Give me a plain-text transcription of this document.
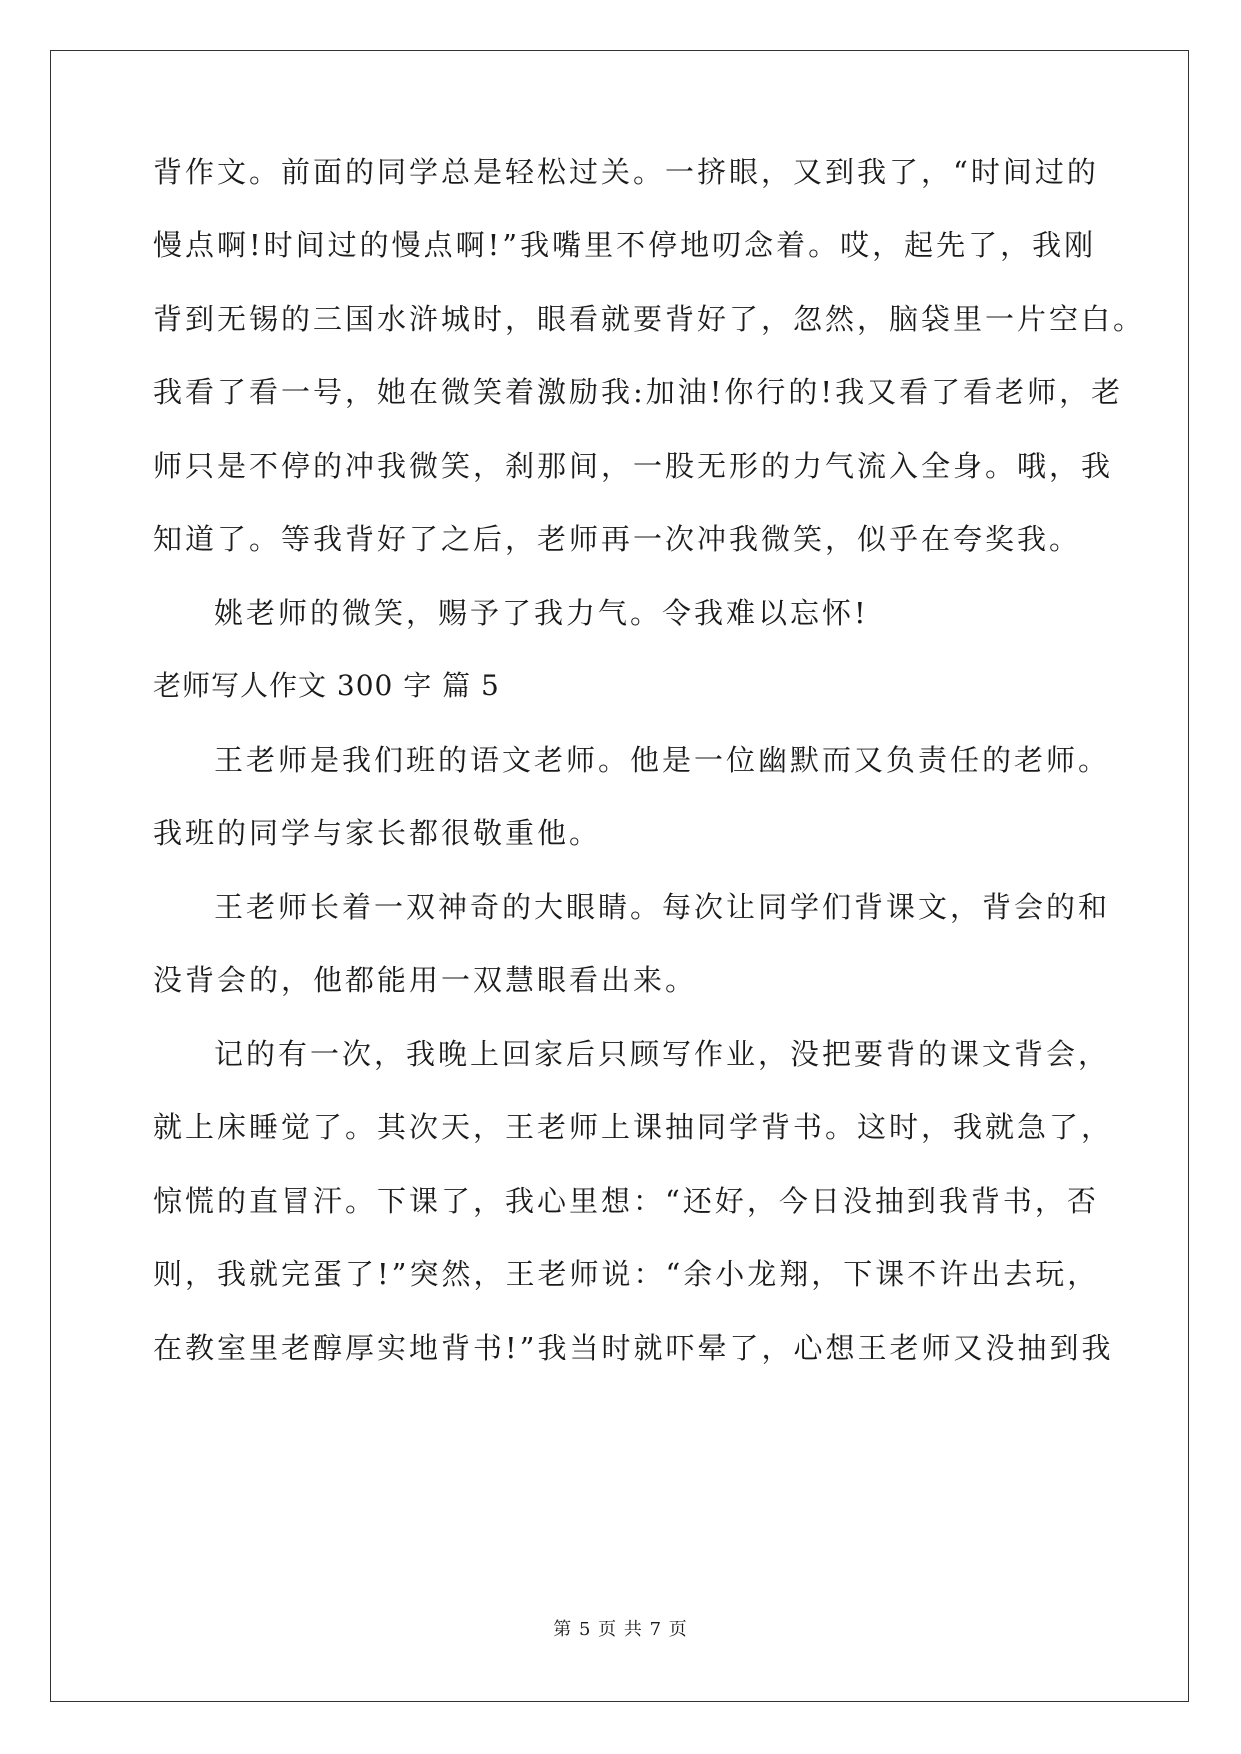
背作文。前面的同学总是轻松过关。一挤眼，又到我了，“时间过的
慢点啊!时间过的慢点啊!”我嘴里不停地叨念着。哎，起先了，我刚
背到无锡的三国水浒城时，眼看就要背好了，忽然，脑袋里一片空白。
我看了看一号，她在微笑着激励我:加油!你行的!我又看了看老师，老
师只是不停的冲我微笑，刹那间，一股无形的力气流入全身。哦，我
知道了。等我背好了之后，老师再一次冲我微笑，似乎在夸奖我。
姚老师的微笑，赐予了我力气。令我难以忘怀!
老师写人作文 300 字 篇 5
王老师是我们班的语文老师。他是一位幽默而又负责任的老师。
我班的同学与家长都很敬重他。
王老师长着一双神奇的大眼睛。每次让同学们背课文，背会的和
没背会的，他都能用一双慧眼看出来。
记的有一次，我晚上回家后只顾写作业，没把要背的课文背会，
就上床睡觉了。其次天，王老师上课抽同学背书。这时，我就急了，
惊慌的直冒汗。下课了，我心里想：“还好，今日没抽到我背书，否
则，我就完蛋了!”突然，王老师说：“余小龙翔，下课不许出去玩，
在教室里老醇厚实地背书!”我当时就吓晕了，心想王老师又没抽到我
第 5 页 共 7 页
